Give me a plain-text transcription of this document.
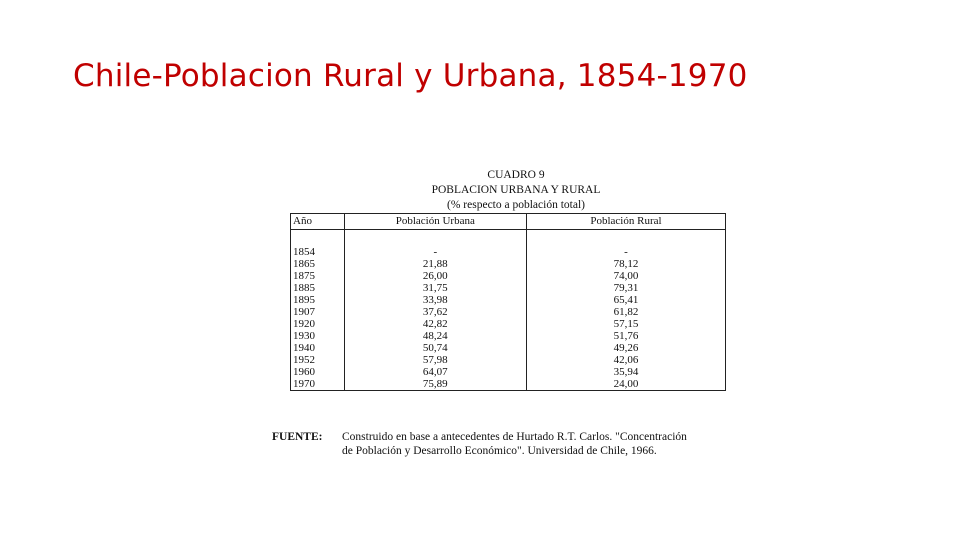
Chile-Poblacion Rural y Urbana, 1854-1970
CUADRO 9
POBLACION URBANA Y RURAL
(% respecto a población total)
Año	Población Urbana	Población Rural

1854	-	-
1865	21,88	78,12
1875	26,00	74,00
1885	31,75	79,31
1895	33,98	65,41
1907	37,62	61,82
1920	42,82	57,15
1930	48,24	51,76
1940	50,74	49,26
1952	57,98	42,06
1960	64,07	35,94
1970	75,89	24,00
FUENTE: Construido en base a antecedentes de Hurtado R.T. Carlos. "Concentración
de Población y Desarrollo Económico". Universidad de Chile, 1966.
